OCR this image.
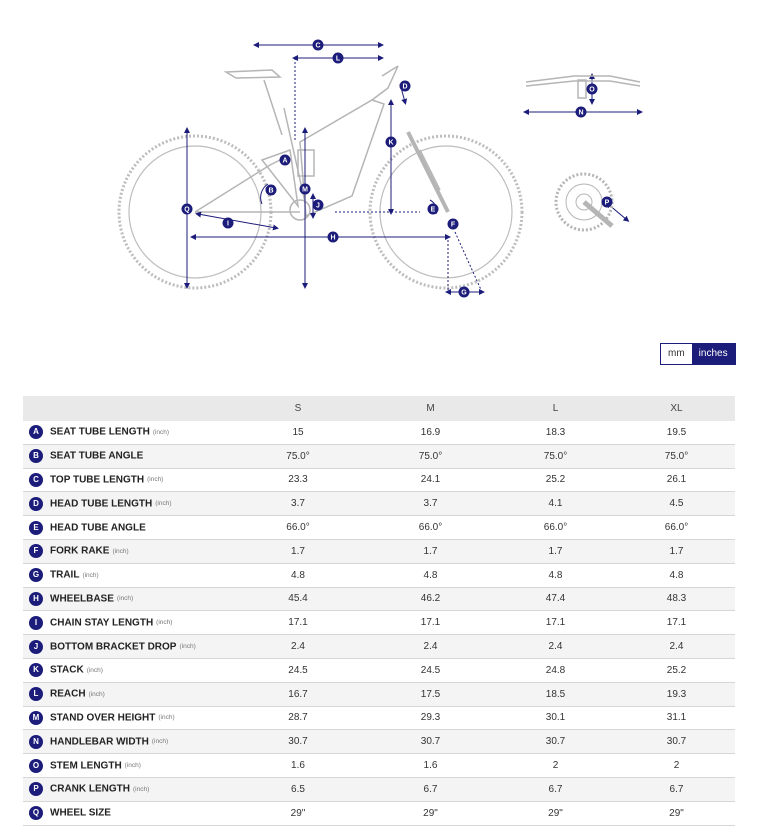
A
B
C
D
E
F
G
H
I
J
K
L
M
N
O
P
Q
mm	inches
	S	M	L	XL
A SEAT TUBE LENGTH (inch)	15	16.9	18.3	19.5
B SEAT TUBE ANGLE	75.0°	75.0°	75.0°	75.0°
C TOP TUBE LENGTH (inch)	23.3	24.1	25.2	26.1
D HEAD TUBE LENGTH (inch)	3.7	3.7	4.1	4.5
E HEAD TUBE ANGLE	66.0°	66.0°	66.0°	66.0°
F FORK RAKE (inch)	1.7	1.7	1.7	1.7
G TRAIL (inch)	4.8	4.8	4.8	4.8
H WHEELBASE (inch)	45.4	46.2	47.4	48.3
I CHAIN STAY LENGTH (inch)	17.1	17.1	17.1	17.1
J BOTTOM BRACKET DROP (inch)	2.4	2.4	2.4	2.4
K STACK (inch)	24.5	24.5	24.8	25.2
L REACH (inch)	16.7	17.5	18.5	19.3
M STAND OVER HEIGHT (inch)	28.7	29.3	30.1	31.1
N HANDLEBAR WIDTH (inch)	30.7	30.7	30.7	30.7
O STEM LENGTH (inch)	1.6	1.6	2	2
P CRANK LENGTH (inch)	6.5	6.7	6.7	6.7
Q WHEEL SIZE	29"	29"	29"	29"
